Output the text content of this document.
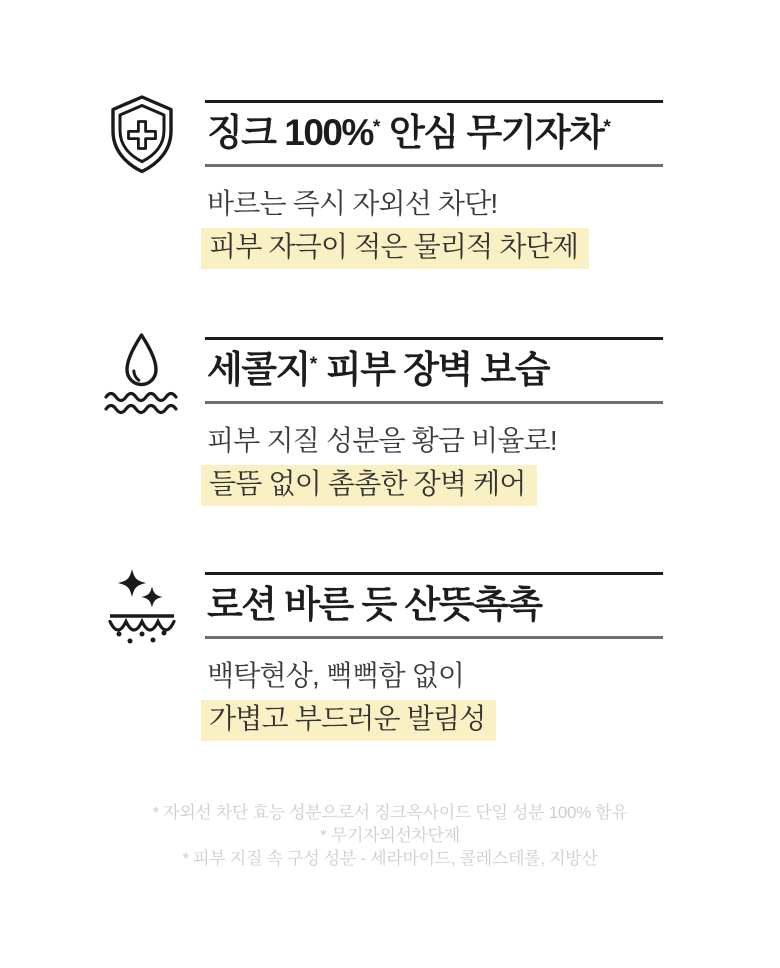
징크 100%* 안심 무기자차*

바르는 즉시 자외선 차단!

피부 자극이 적은 물리적 차단제
세콜지* 피부 장벽 보습

피부 지질 성분을 황금 비율로!

들뜸 없이 촘촘한 장벽 케어
로션 바른 듯 산뜻촉촉

백탁현상, 뻑뻑함 없이

가볍고 부드러운 발림성
* 자외선 차단 효능 성분으로서 징크옥사이드 단일 성분 100% 함유
* 무기자외선차단제
* 피부 지질 속 구성 성분 - 세라마이드, 콜레스테롤, 지방산
